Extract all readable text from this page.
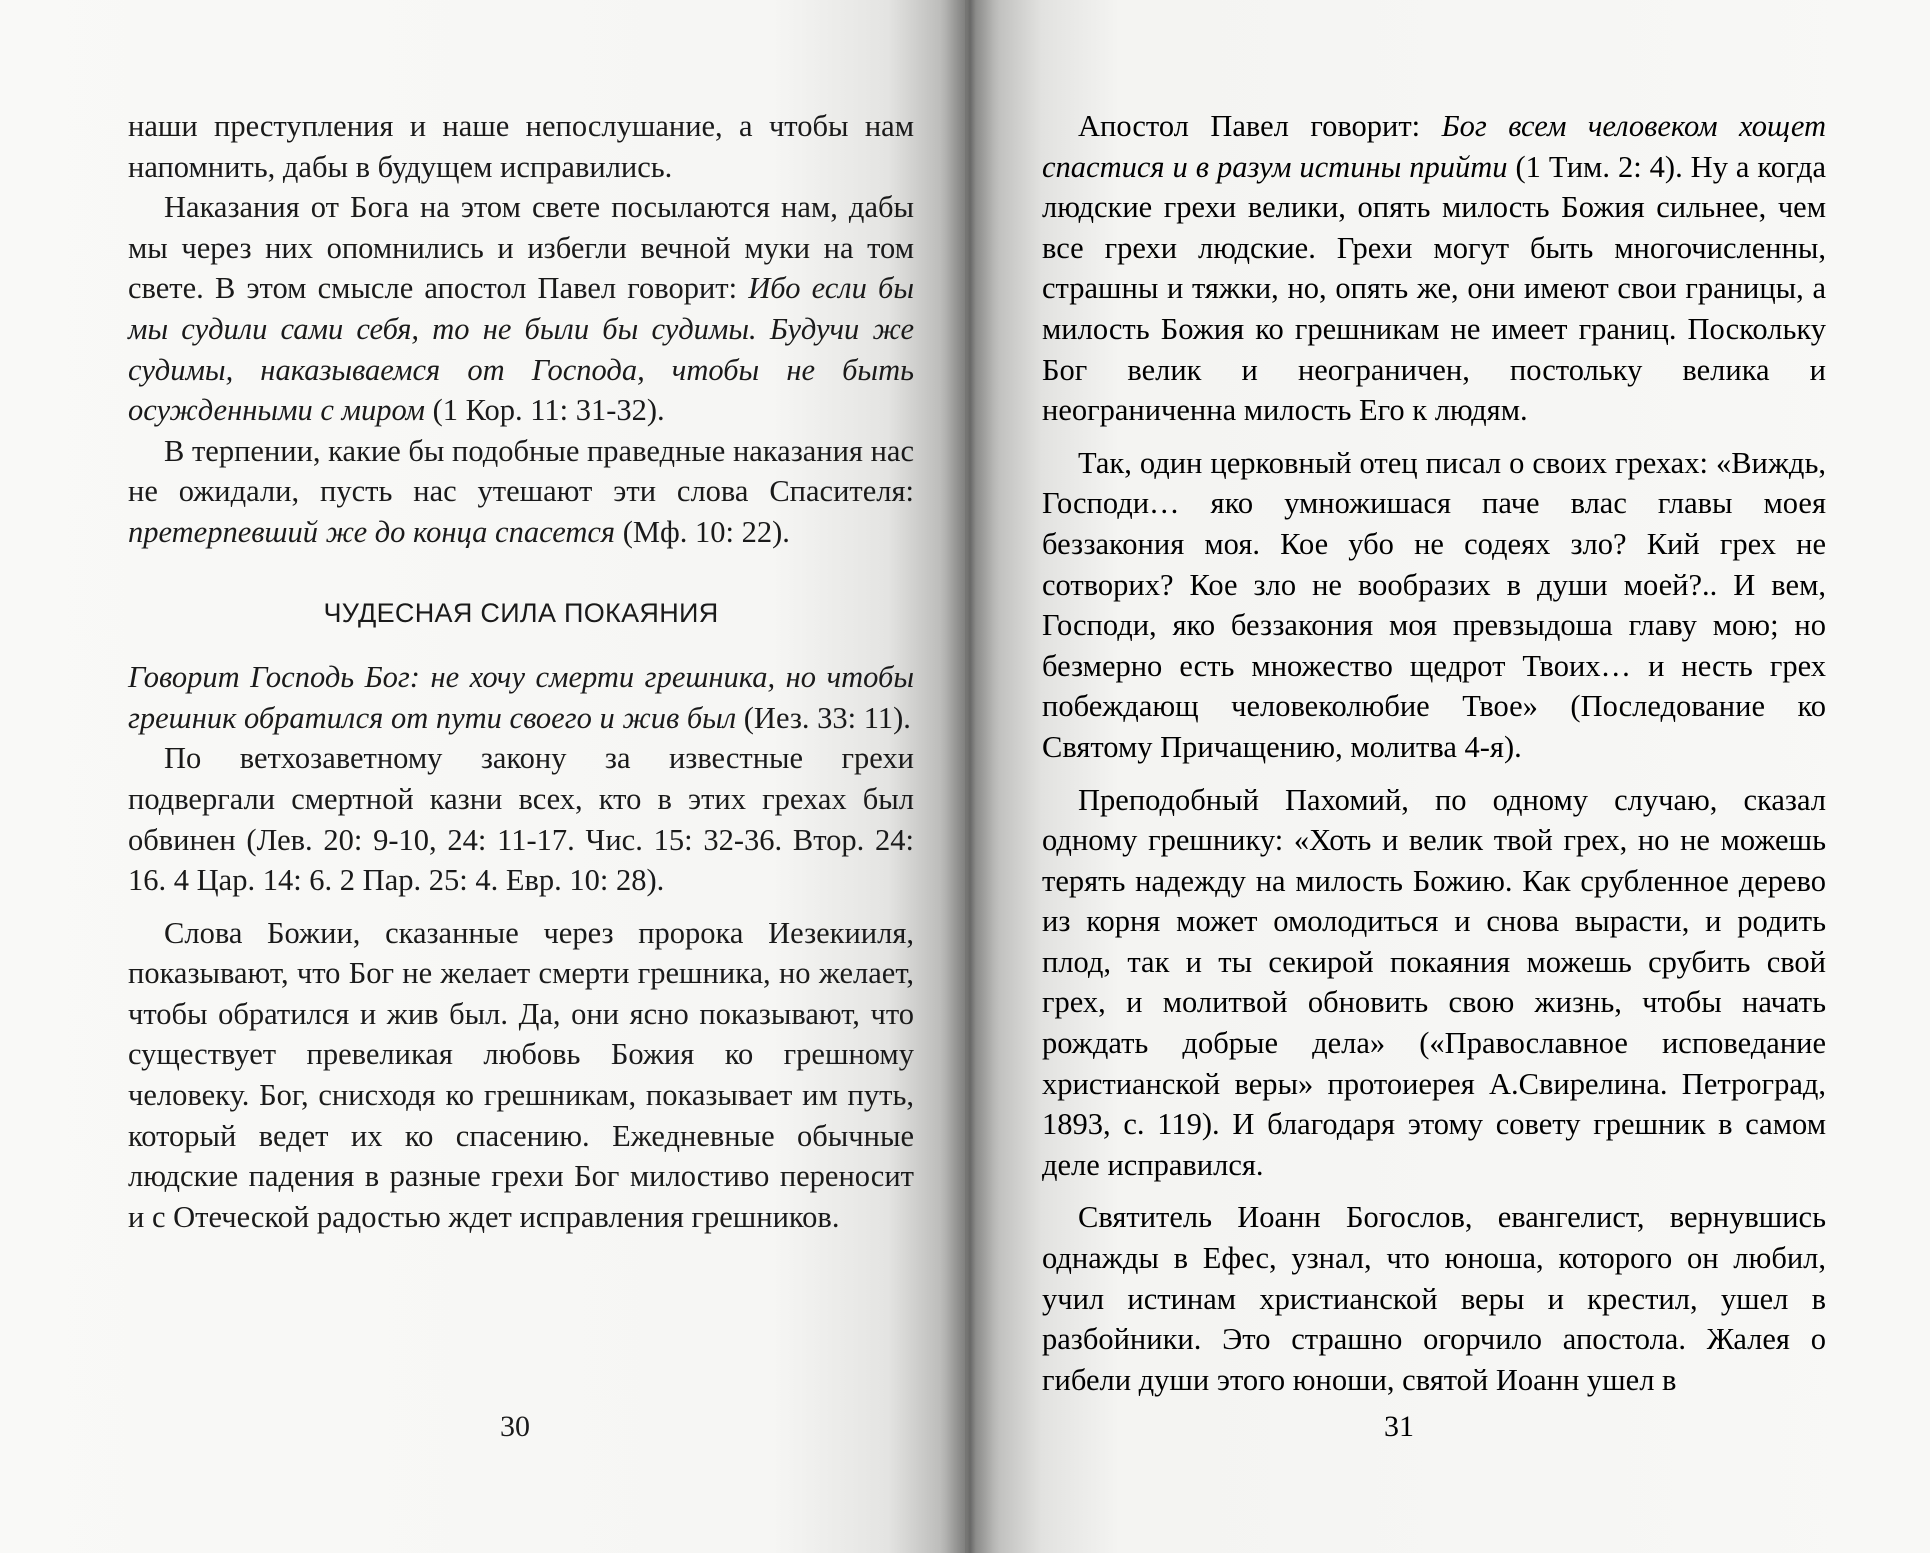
наши преступления и наше непослушание, а чтобы нам напомнить, дабы в будущем исправились.

Наказания от Бога на этом свете посылаются нам, дабы мы через них опомнились и избегли вечной муки на том свете. В этом смысле апостол Павел говорит: Ибо если бы мы судили сами себя, то не были бы судимы. Будучи же судимы, наказываемся от Господа, чтобы не быть осужденными с миром (1 Кор. 11: 31-32).

В терпении, какие бы подобные праведные наказания нас не ожидали, пусть нас утешают эти слова Спасителя: претерпевший же до конца спасется (Мф. 10: 22).

ЧУДЕСНАЯ СИЛА ПОКАЯНИЯ

Говорит Господь Бог: не хочу смерти грешника, но чтобы грешник обратился от пути своего и жив был (Иез. 33: 11).

По ветхозаветному закону за известные грехи подвергали смертной казни всех, кто в этих грехах был обвинен (Лев. 20: 9-10, 24: 11-17. Чис. 15: 32-36. Втор. 24: 16. 4 Цар. 14: 6. 2 Пар. 25: 4. Евр. 10: 28).

Слова Божии, сказанные через пророка Иезекииля, показывают, что Бог не желает смерти грешника, но желает, чтобы обратился и жив был. Да, они ясно показывают, что существует превеликая любовь Божия ко грешному человеку. Бог, снисходя ко грешникам, показывает им путь, который ведет их ко спасению. Ежедневные обычные людские падения в разные грехи Бог милостиво переносит и с Отеческой радостью ждет исправления грешников.

30

Апостол Павел говорит: Бог всем человеком хощет спастися и в разум истины прийти (1 Тим. 2: 4). Ну а когда людские грехи велики, опять милость Божия сильнее, чем все грехи людские. Грехи могут быть многочисленны, страшны и тяжки, но, опять же, они имеют свои границы, а милость Божия ко грешникам не имеет границ. Поскольку Бог велик и неограничен, постольку велика и неограниченна милость Его к людям.

Так, один церковный отец писал о своих грехах: «Виждь, Господи… яко умножишася паче влас главы моея беззакония моя. Кое убо не содеях зло? Кий грех не сотворих? Кое зло не вообразих в души моей?.. И вем, Господи, яко беззакония моя превзыдоша главу мою; но безмерно есть множество щедрот Твоих… и несть грех побеждающ человеколюбие Твое» (Последование ко Святому Причащению, молитва 4-я).

Преподобный Пахомий, по одному случаю, сказал одному грешнику: «Хоть и велик твой грех, но не можешь терять надежду на милость Божию. Как срубленное дерево из корня может омолодиться и снова вырасти, и родить плод, так и ты секирой покаяния можешь срубить свой грех, и молитвой обновить свою жизнь, чтобы начать рождать добрые дела» («Православное исповедание христианской веры» протоиерея А.Свирелина. Петроград, 1893, с. 119). И благодаря этому совету грешник в самом деле исправился.

Святитель Иоанн Богослов, евангелист, вернувшись однажды в Ефес, узнал, что юноша, которого он любил, учил истинам христианской веры и крестил, ушел в разбойники. Это страшно огорчило апостола. Жалея о гибели души этого юноши, святой Иоанн ушел в

31
